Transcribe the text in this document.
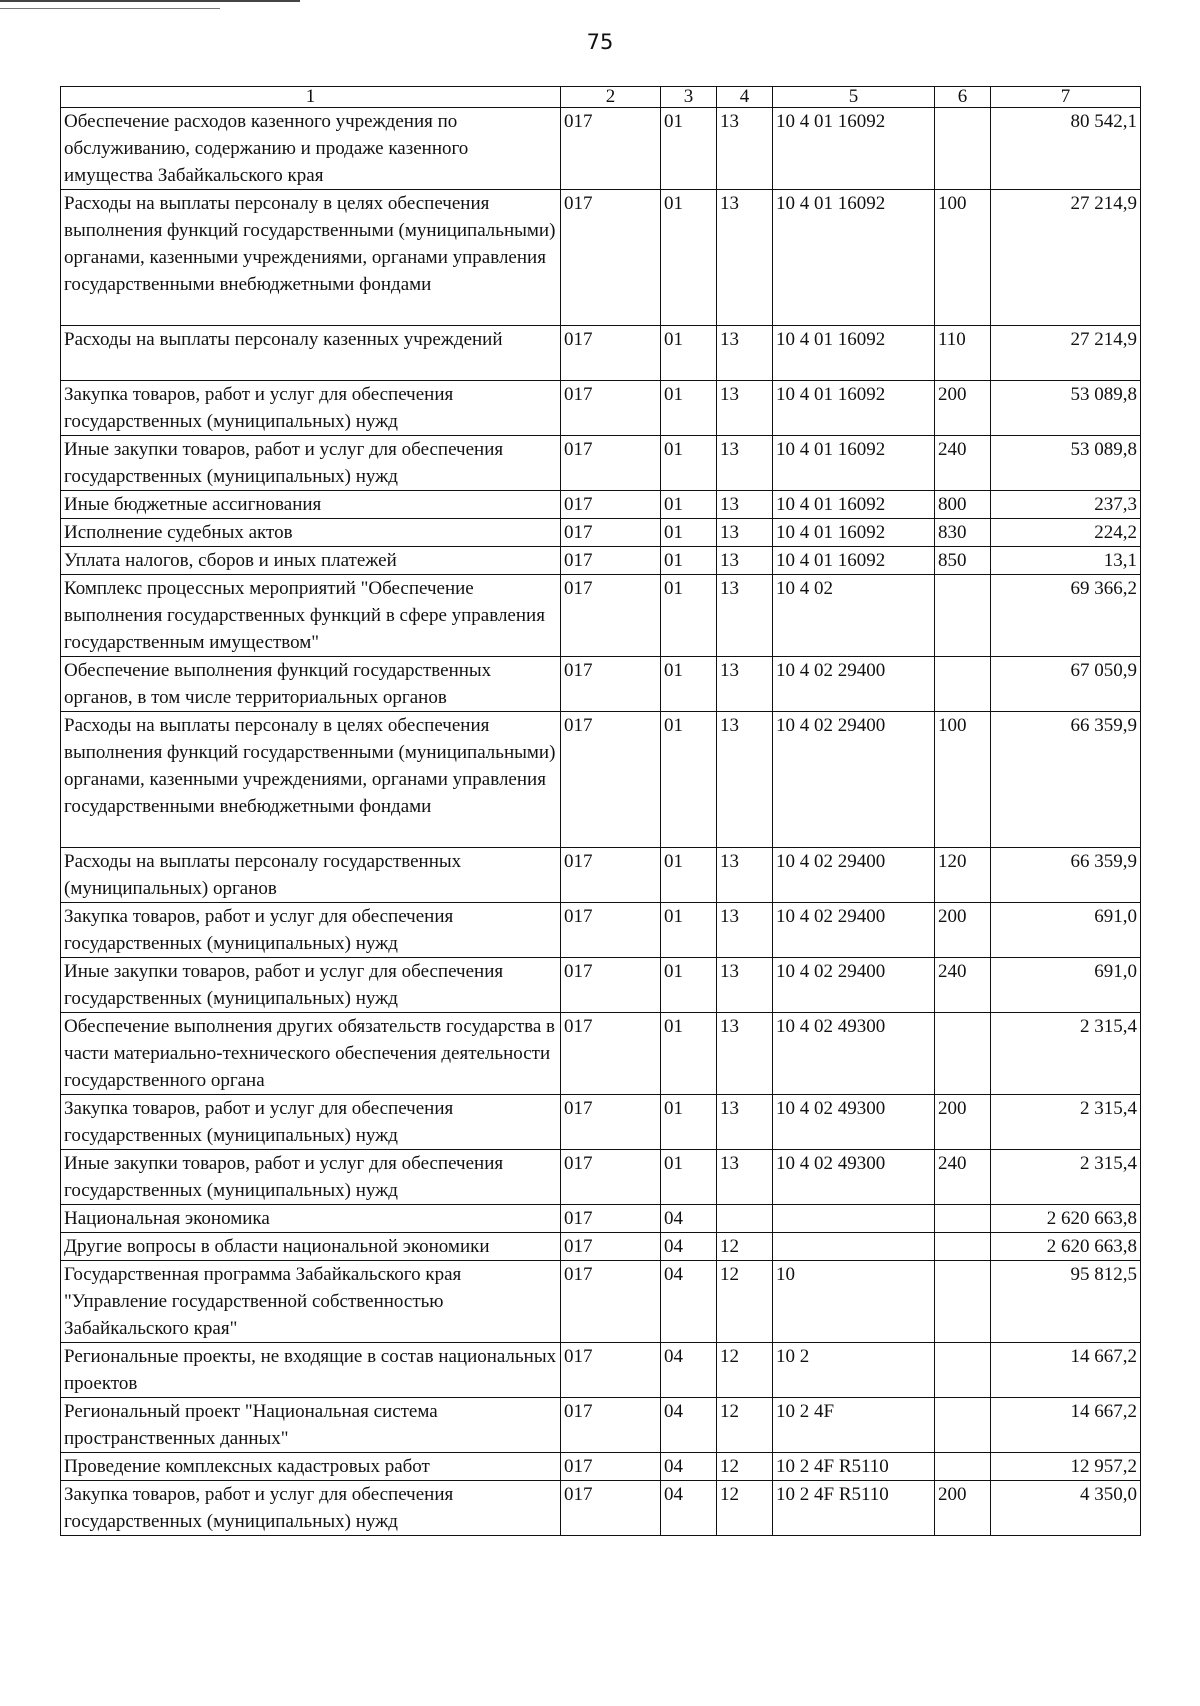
75
1	2	3	4	5	6	7
Обеспечение расходов казенного учреждения по обслуживанию, содержанию и продаже казенного имущества Забайкальского края	017	01	13	10 4 01 16092		80 542,1
Расходы на выплаты персоналу в целях обеспечения выполнения функций государственными (муниципальными) органами, казенными учреждениями, органами управления государственными внебюджетными фондами	017	01	13	10 4 01 16092	100	27 214,9
Расходы на выплаты персоналу казенных учреждений	017	01	13	10 4 01 16092	110	27 214,9
Закупка товаров, работ и услуг для обеспечения государственных (муниципальных) нужд	017	01	13	10 4 01 16092	200	53 089,8
Иные закупки товаров, работ и услуг для обеспечения государственных (муниципальных) нужд	017	01	13	10 4 01 16092	240	53 089,8
Иные бюджетные ассигнования	017	01	13	10 4 01 16092	800	237,3
Исполнение судебных актов	017	01	13	10 4 01 16092	830	224,2
Уплата налогов, сборов и иных платежей	017	01	13	10 4 01 16092	850	13,1
Комплекс процессных мероприятий "Обеспечение выполнения государственных функций в сфере управления государственным имуществом"	017	01	13	10 4 02		69 366,2
Обеспечение выполнения функций государственных органов, в том числе территориальных органов	017	01	13	10 4 02 29400		67 050,9
Расходы на выплаты персоналу в целях обеспечения выполнения функций государственными (муниципальными) органами, казенными учреждениями, органами управления государственными внебюджетными фондами	017	01	13	10 4 02 29400	100	66 359,9
Расходы на выплаты персоналу государственных (муниципальных) органов	017	01	13	10 4 02 29400	120	66 359,9
Закупка товаров, работ и услуг для обеспечения государственных (муниципальных) нужд	017	01	13	10 4 02 29400	200	691,0
Иные закупки товаров, работ и услуг для обеспечения государственных (муниципальных) нужд	017	01	13	10 4 02 29400	240	691,0
Обеспечение выполнения других обязательств государства в части материально-технического обеспечения деятельности государственного органа	017	01	13	10 4 02 49300		2 315,4
Закупка товаров, работ и услуг для обеспечения государственных (муниципальных) нужд	017	01	13	10 4 02 49300	200	2 315,4
Иные закупки товаров, работ и услуг для обеспечения государственных (муниципальных) нужд	017	01	13	10 4 02 49300	240	2 315,4
Национальная экономика	017	04				2 620 663,8
Другие вопросы в области национальной экономики	017	04	12			2 620 663,8
Государственная программа Забайкальского края "Управление государственной собственностью Забайкальского края"	017	04	12	10		95 812,5
Региональные проекты, не входящие в состав национальных проектов	017	04	12	10 2		14 667,2
Региональный проект "Национальная система пространственных данных"	017	04	12	10 2 4F		14 667,2
Проведение комплексных кадастровых работ	017	04	12	10 2 4F R5110		12 957,2
Закупка товаров, работ и услуг для обеспечения государственных (муниципальных) нужд	017	04	12	10 2 4F R5110	200	4 350,0
